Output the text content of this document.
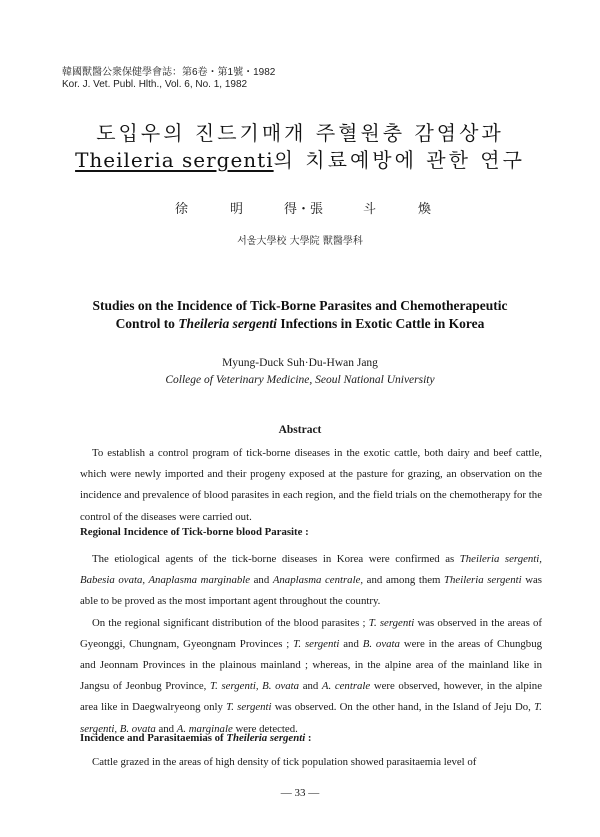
韓國獸醫公衆保健學會誌：第6卷・第1號・1982
Kor. J. Vet. Publ. Hlth., Vol. 6, No. 1, 1982
도입우의 진드기매개 주혈원충 감염상과
Theileria sergenti의 치료예방에 관한 연구
徐	明	得・張	斗	煥
서울大學校 大學院 獸醫學科
Studies on the Incidence of Tick-Borne Parasites and Chemotherapeutic
Control to Theileria sergenti Infections in Exotic Cattle in Korea
Myung-Duck Suh·Du-Hwan Jang
College of Veterinary Medicine, Seoul National University
Abstract

To establish a control program of tick-borne diseases in the exotic cattle, both dairy and beef cattle, which were newly imported and their progeny exposed at the pasture for grazing, an observation on the incidence and prevalence of blood parasites in each region, and the field trials on the chemotherapy for the control of the diseases were carried out.

Regional Incidence of Tick-borne blood Parasite :

The etiological agents of the tick-borne diseases in Korea were confirmed as Theileria sergenti, Babesia ovata, Anaplasma marginable and Anaplasma centrale, and among them Theileria sergenti was able to be proved as the most important agent throughout the country.

On the regional significant distribution of the blood parasites ; T. sergenti was observed in the areas of Gyeonggi, Chungnam, Gyeongnam Provinces ; T. sergenti and B. ovata were in the areas of Chungbug and Jeonnam Provinces in the plainous mainland ; whereas, in the alpine area of the mainland like in Jangsu of Jeonbug Province, T. sergenti, B. ovata and A. centrale were observed, however, in the alpine area like in Daegwalryeong only T. sergenti was observed. On the other hand, in the Island of Jeju Do, T. sergenti, B. ovata and A. marginale were detected.

Incidence and Parasitaemias of Theileria sergenti :

Cattle grazed in the areas of high density of tick population showed parasitaemia level of

— 33 —
